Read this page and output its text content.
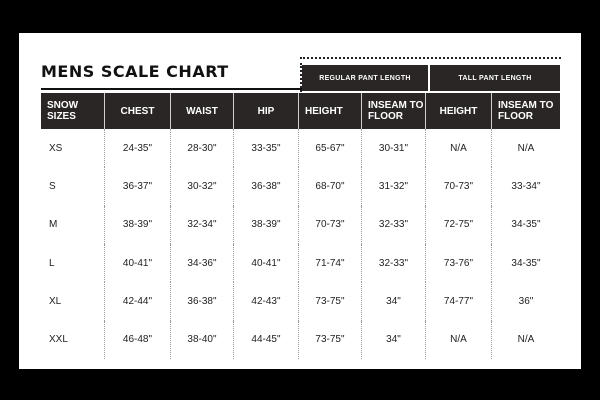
MENS SCALE CHART	REGULAR PANT LENGTH	TALL PANT LENGTH
SNOW SIZES	CHEST	WAIST	HIP	HEIGHT	INSEAM TO FLOOR	HEIGHT	INSEAM TO FLOOR
XS	24-35"	28-30"	33-35"	65-67"	30-31"	N/A	N/A
S	36-37"	30-32"	36-38"	68-70"	31-32"	70-73"	33-34"
M	38-39"	32-34"	38-39"	70-73"	32-33"	72-75"	34-35"
L	40-41"	34-36"	40-41"	71-74"	32-33"	73-76"	34-35"
XL	42-44"	36-38"	42-43"	73-75"	34"	74-77"	36"
XXL	46-48"	38-40"	44-45"	73-75"	34"	N/A	N/A
